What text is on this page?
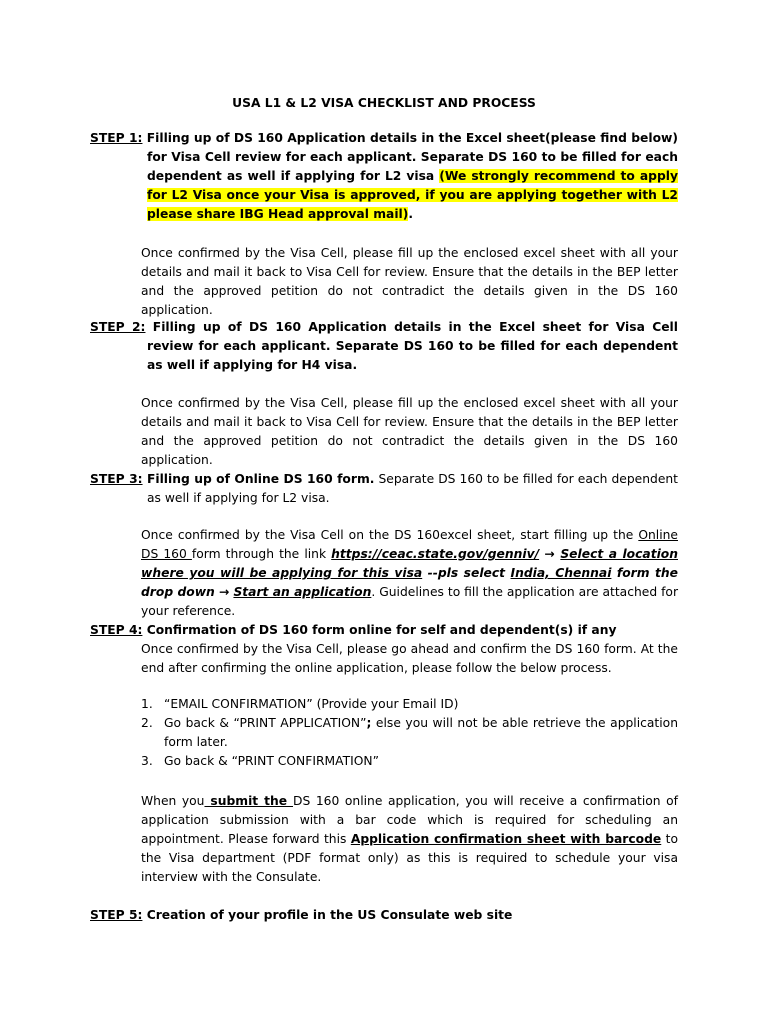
USA L1 & L2 VISA CHECKLIST AND PROCESS

STEP 1: Filling up of DS 160 Application details in the Excel sheet(please find below) for Visa Cell review for each applicant. Separate DS 160 to be filled for each dependent as well if applying for L2 visa (We strongly recommend to apply for L2 Visa once your Visa is approved, if you are applying together with L2 please share IBG Head approval mail).

Once confirmed by the Visa Cell, please fill up the enclosed excel sheet with all your details and mail it back to Visa Cell for review. Ensure that the details in the BEP letter and the approved petition do not contradict the details given in the DS 160 application.

STEP 2: Filling up of DS 160 Application details in the Excel sheet for Visa Cell review for each applicant. Separate DS 160 to be filled for each dependent as well if applying for H4 visa.

Once confirmed by the Visa Cell, please fill up the enclosed excel sheet with all your details and mail it back to Visa Cell for review. Ensure that the details in the BEP letter and the approved petition do not contradict the details given in the DS 160 application.

STEP 3: Filling up of Online DS 160 form. Separate DS 160 to be filled for each dependent as well if applying for L2 visa.

Once confirmed by the Visa Cell on the DS 160excel sheet, start filling up the Online DS 160 form through the link https://ceac.state.gov/genniv/ → Select a location where you will be applying for this visa --pls select India, Chennai form the drop down → Start an application. Guidelines to fill the application are attached for your reference.

STEP 4: Confirmation of DS 160 form online for self and dependent(s) if any

Once confirmed by the Visa Cell, please go ahead and confirm the DS 160 form. At the end after confirming the online application, please follow the below process.

1. “EMAIL CONFIRMATION” (Provide your Email ID)
2. Go back & “PRINT APPLICATION”; else you will not be able retrieve the application form later.
3. Go back & “PRINT CONFIRMATION”

When you submit the DS 160 online application, you will receive a confirmation of application submission with a bar code which is required for scheduling an appointment. Please forward this Application confirmation sheet with barcode to the Visa department (PDF format only) as this is required to schedule your visa interview with the Consulate.

STEP 5: Creation of your profile in the US Consulate web site
